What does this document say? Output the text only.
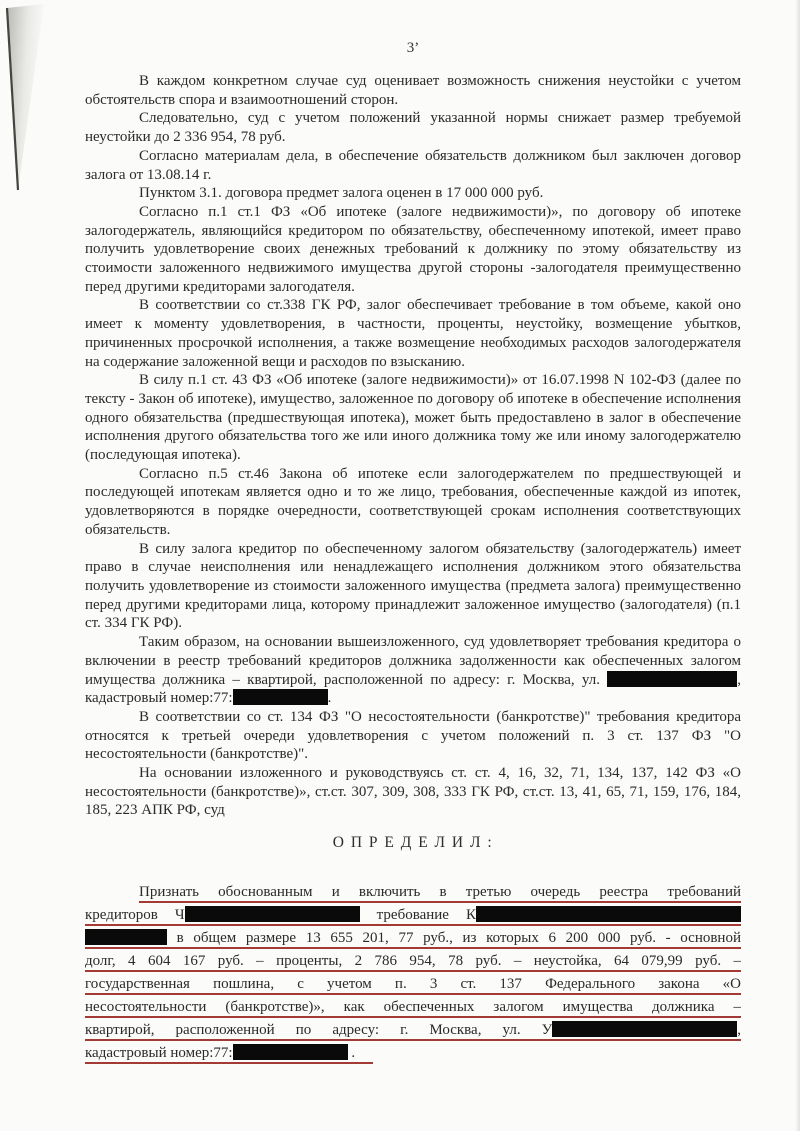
3’
В каждом конкретном случае суд оценивает возможность снижения неустойки с учетом обстоятельств спора и взаимоотношений сторон.
Следовательно, суд с учетом положений указанной нормы снижает размер требуемой неустойки до 2 336 954, 78 руб.
Согласно материалам дела, в обеспечение обязательств должником был заключен договор залога от 13.08.14 г.
Пунктом 3.1. договора предмет залога оценен в 17 000 000 руб.
Согласно п.1 ст.1 ФЗ «Об ипотеке (залоге недвижимости)», по договору об ипотеке залогодержатель, являющийся кредитором по обязательству, обеспеченному ипотекой, имеет право получить удовлетворение своих денежных требований к должнику по этому обязательству из стоимости заложенного недвижимого имущества другой стороны -залогодателя преимущественно перед другими кредиторами залогодателя.
В соответствии со ст.338 ГК РФ, залог обеспечивает требование в том объеме, какой оно имеет к моменту удовлетворения, в частности, проценты, неустойку, возмещение убытков, причиненных просрочкой исполнения, а также возмещение необходимых расходов залогодержателя на содержание заложенной вещи и расходов по взысканию.
В силу п.1 ст. 43 ФЗ «Об ипотеке (залоге недвижимости)» от 16.07.1998 N 102-ФЗ (далее по тексту - Закон об ипотеке), имущество, заложенное по договору об ипотеке в обеспечение исполнения одного обязательства (предшествующая ипотека), может быть предоставлено в залог в обеспечение исполнения другого обязательства того же или иного должника тому же или иному залогодержателю (последующая ипотека).
Согласно п.5 ст.46 Закона об ипотеке если залогодержателем по предшествующей и последующей ипотекам является одно и то же лицо, требования, обеспеченные каждой из ипотек, удовлетворяются в порядке очередности, соответствующей срокам исполнения соответствующих обязательств.
В силу залога кредитор по обеспеченному залогом обязательству (залогодержатель) имеет право в случае неисполнения или ненадлежащего исполнения должником этого обязательства получить удовлетворение из стоимости заложенного имущества (предмета залога) преимущественно перед другими кредиторами лица, которому принадлежит заложенное имущество (залогодателя) (п.1 ст. 334 ГК РФ).
Таким образом, на основании вышеизложенного, суд удовлетворяет требования кредитора о включении в реестр требований кредиторов должника задолженности как обеспеченных залогом имущества должника – квартирой, расположенной по адресу: г. Москва, ул.	, кадастровый номер:77:	.
В соответствии со ст. 134 ФЗ "О несостоятельности (банкротстве)" требования кредитора относятся к третьей очереди удовлетворения с учетом положений п. 3 ст. 137 ФЗ "О несостоятельности (банкротстве)".
На основании изложенного и руководствуясь ст. ст. 4, 16, 32, 71, 134, 137, 142 ФЗ «О несостоятельности (банкротстве)», ст.ст. 307, 309, 308, 333 ГК РФ, ст.ст. 13, 41, 65, 71, 159, 176, 184, 185, 223 АПК РФ, суд
О П Р Е Д Е Л И Л :
Признать обоснованным и включить в третью очередь реестра требований
кредиторов Ч	требование К
в общем размере 13 655 201, 77 руб., из которых 6 200 000 руб. - основной
долг, 4 604 167 руб. – проценты, 2 786 954, 78 руб. – неустойка, 64 079,99 руб. –
государственная пошлина, с учетом п. 3 ст. 137 Федерального закона «О
несостоятельности (банкротстве)», как обеспеченных залогом имущества должника –
квартирой, расположенной по адресу: г. Москва, ул. У	,
кадастровый номер:77:	.
